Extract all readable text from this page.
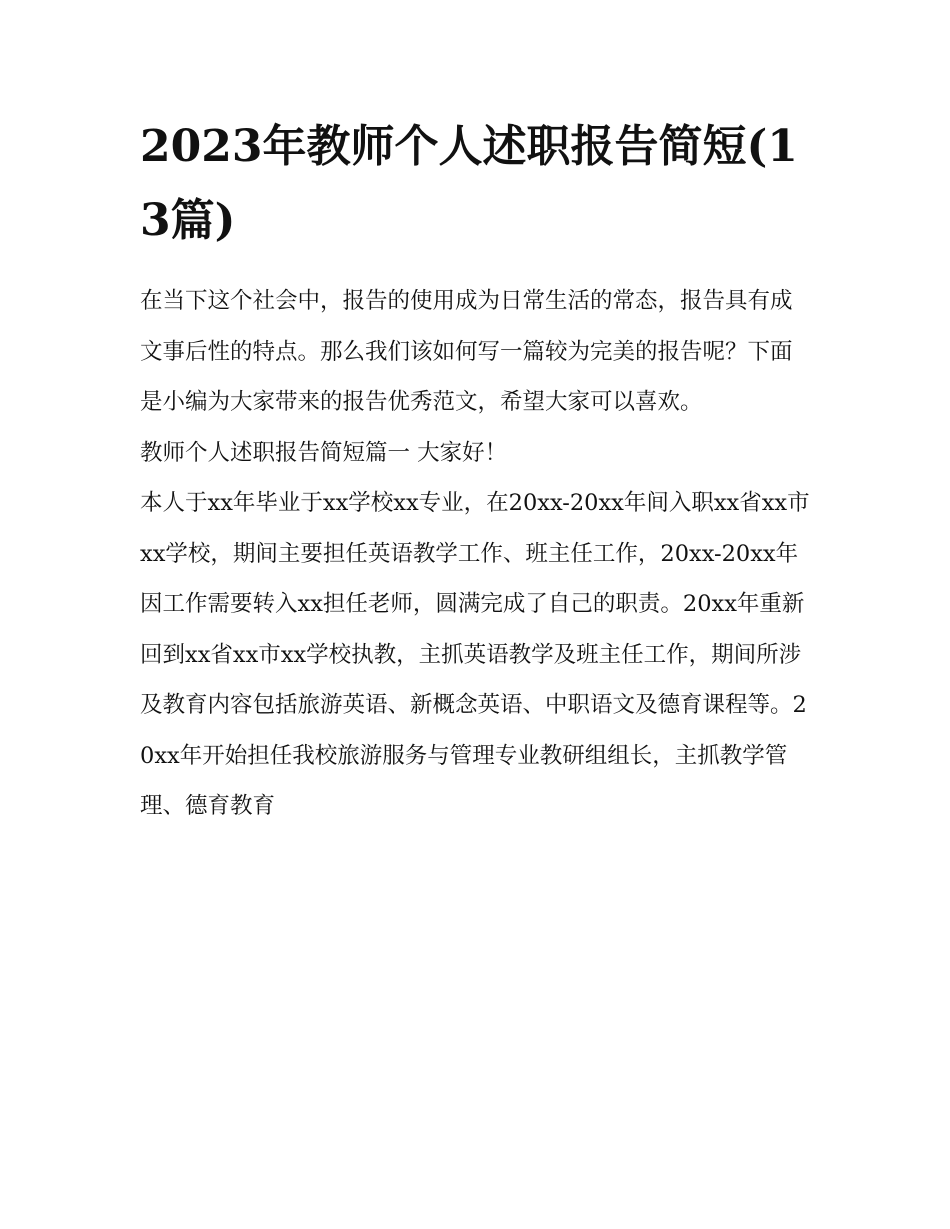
2023年教师个人述职报告简短(13篇)

在当下这个社会中，报告的使用成为日常生活的常态，报告具有成文事后性的特点。那么我们该如何写一篇较为完美的报告呢？下面是小编为大家带来的报告优秀范文，希望大家可以喜欢。

教师个人述职报告简短篇一 大家好！

本人于xx年毕业于xx学校xx专业，在20xx-20xx年间入职xx省xx市xx学校，期间主要担任英语教学工作、班主任工作，20xx-20xx年因工作需要转入xx担任老师，圆满完成了自己的职责。20xx年重新回到xx省xx市xx学校执教，主抓英语教学及班主任工作，期间所涉及教育内容包括旅游英语、新概念英语、中职语文及德育课程等。20xx年开始担任我校旅游服务与管理专业教研组组长，主抓教学管理、德育教育
